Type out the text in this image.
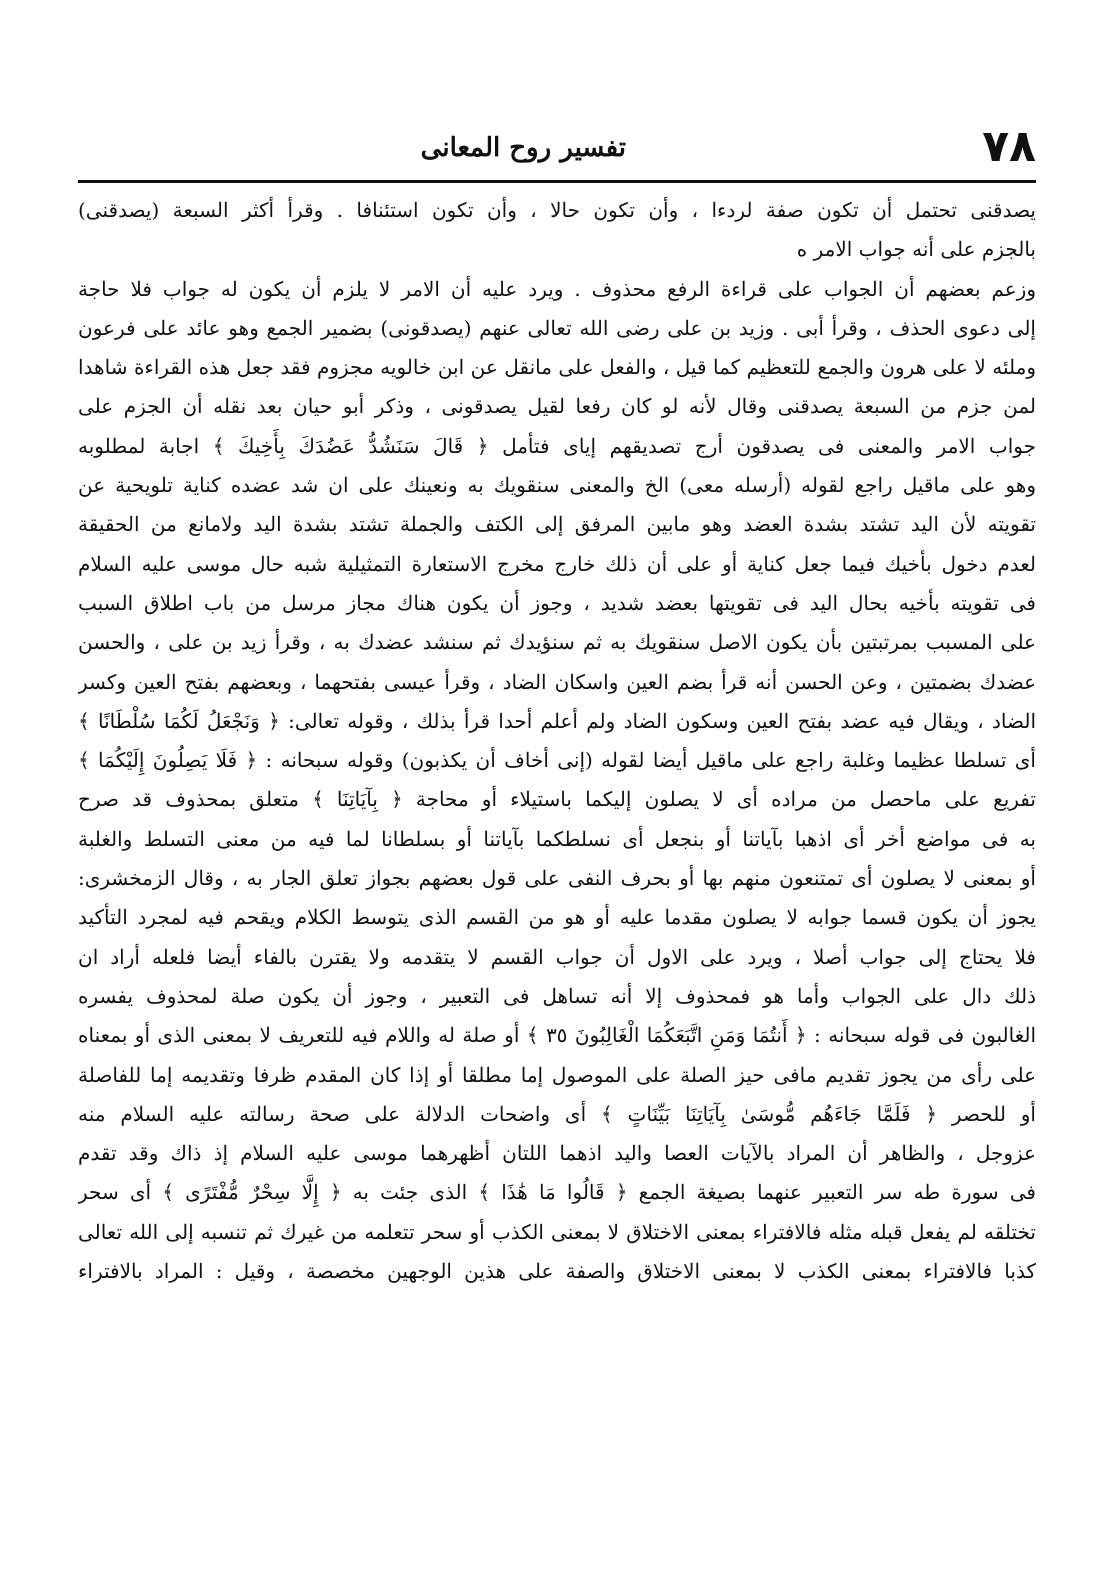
٧٨
تفسير روح المعانى
يصدقنى تحتمل أن تكون صفة لردءا ، وأن تكون حالا ، وأن تكون استئنافا . وقرأ أكثر السبعة (يصدقنى)
بالجزم على أنه جواب الامر ه
وزعم بعضهم أن الجواب على قراءة الرفع محذوف . ويرد عليه أن الامر لا يلزم أن يكون له جواب فلا حاجة
إلى دعوى الحذف ، وقرأ أبى . وزيد بن على رضى الله تعالى عنهم (يصدقونى) بضمير الجمع وهو عائد على فرعون
وملئه لا على هرون والجمع للتعظيم كما قيل ، والفعل على مانقل عن ابن خالويه مجزوم فقد جعل هذه القراءة شاهدا
لمن جزم من السبعة يصدقنى وقال لأنه لو كان رفعا لقيل يصدقونى ، وذكر أبو حيان بعد نقله أن الجزم على
جواب الامر والمعنى فى يصدقون أرج تصديقهم إياى فتأمل ﴿ قَالَ سَنَشُدُّ عَضُدَكَ بِأَخِيكَ ﴾ اجابة لمطلوبه
وهو على ماقيل راجع لقوله (أرسله معى) الخ والمعنى سنقويك به ونعينك على ان شد عضده كناية تلويحية عن
تقويته لأن اليد تشتد بشدة العضد وهو مابين المرفق إلى الكتف والجملة تشتد بشدة اليد ولامانع من الحقيقة
لعدم دخول بأخيك فيما جعل كناية أو على أن ذلك خارج مخرج الاستعارة التمثيلية شبه حال موسى عليه السلام
فى تقويته بأخيه بحال اليد فى تقويتها بعضد شديد ، وجوز أن يكون هناك مجاز مرسل من باب اطلاق السبب
على المسبب بمرتبتين بأن يكون الاصل سنقويك به ثم سنؤيدك ثم سنشد عضدك به ، وقرأ زيد بن على ، والحسن
عضدك بضمتين ، وعن الحسن أنه قرأ بضم العين واسكان الضاد ، وقرأ عيسى بفتحهما ، وبعضهم بفتح العين وكسر
الضاد ، ويقال فيه عضد بفتح العين وسكون الضاد ولم أعلم أحدا قرأ بذلك ، وقوله تعالى: ﴿ وَنَجْعَلُ لَكُمَا سُلْطَانًا ﴾
أى تسلطا عظيما وغلبة راجع على ماقيل أيضا لقوله (إنى أخاف أن يكذبون) وقوله سبحانه : ﴿ فَلَا يَصِلُونَ إِلَيْكُمَا ﴾
تفريع على ماحصل من مراده أى لا يصلون إليكما باستيلاء أو محاجة ﴿ بِآيَاتِنَا ﴾ متعلق بمحذوف قد صرح
به فى مواضع أخر أى اذهبا بآياتنا أو بنجعل أى نسلطكما بآياتنا أو بسلطانا لما فيه من معنى التسلط والغلبة
أو بمعنى لا يصلون أى تمتنعون منهم بها أو بحرف النفى على قول بعضهم بجواز تعلق الجار به ، وقال الزمخشرى:
يجوز أن يكون قسما جوابه لا يصلون مقدما عليه أو هو من القسم الذى يتوسط الكلام ويقحم فيه لمجرد التأكيد
فلا يحتاج إلى جواب أصلا ، ويرد على الاول أن جواب القسم لا يتقدمه ولا يقترن بالفاء أيضا فلعله أراد ان
ذلك دال على الجواب وأما هو فمحذوف إلا أنه تساهل فى التعبير ، وجوز أن يكون صلة لمحذوف يفسره
الغالبون فى قوله سبحانه : ﴿ أَنتُمَا وَمَنِ اتَّبَعَكُمَا الْغَالِبُونَ ٣٥ ﴾ أو صلة له واللام فيه للتعريف لا بمعنى الذى أو بمعناه
على رأى من يجوز تقديم مافى حيز الصلة على الموصول إما مطلقا أو إذا كان المقدم ظرفا وتقديمه إما للفاصلة
أو للحصر ﴿ فَلَمَّا جَاءَهُم مُّوسَىٰ بِآيَاتِنَا بَيِّنَاتٍ ﴾ أى واضحات الدلالة على صحة رسالته عليه السلام منه
عزوجل ، والظاهر أن المراد بالآيات العصا واليد اذهما اللتان أظهرهما موسى عليه السلام إذ ذاك وقد تقدم
فى سورة طه سر التعبير عنهما بصيغة الجمع ﴿ قَالُوا مَا هَٰذَا ﴾ الذى جئت به ﴿ إِلَّا سِحْرٌ مُّفْتَرًى ﴾ أى سحر
تختلقه لم يفعل قبله مثله فالافتراء بمعنى الاختلاق لا بمعنى الكذب أو سحر تتعلمه من غيرك ثم تنسبه إلى الله تعالى
كذبا فالافتراء بمعنى الكذب لا بمعنى الاختلاق والصفة على هذين الوجهين مخصصة ، وقيل : المراد بالافتراء
